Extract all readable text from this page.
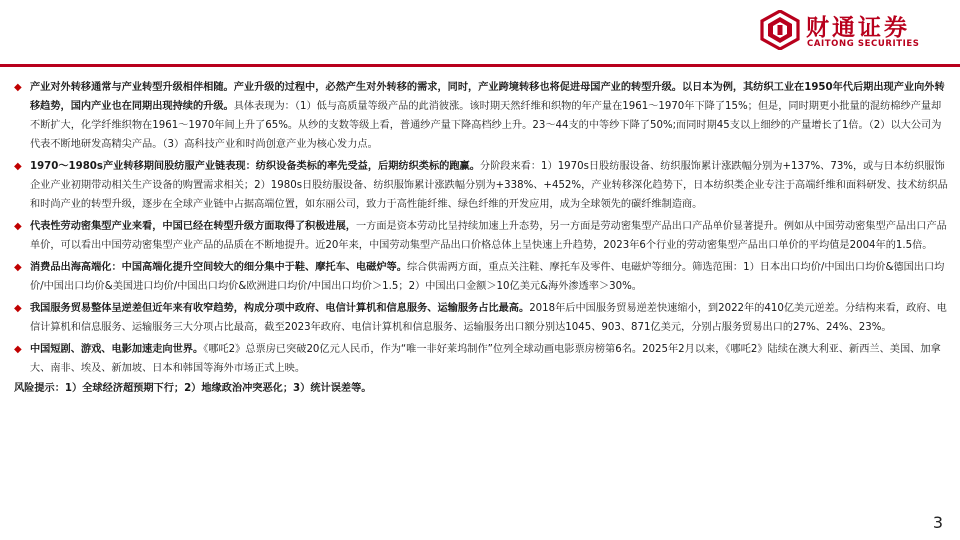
财通证券
CAITONG SECURITIES
◆ 产业对外转移通常与产业转型升级相伴相随。产业升级的过程中，必然产生对外转移的需求，同时，产业跨境转移也将促进母国产业的转型升级。以日本为例，其纺织工业在1950年代后期出现产业向外转移趋势，国内产业也在同期出现持续的升级。具体表现为：（1）低与高质量等级产品的此消彼涨。该时期天然纤维和织物的年产量在1961～1970年下降了15%；但是，同时期更小批量的混纺棉纱产量却不断扩大，化学纤维织物在1961～1970年间上升了65%。从纱的支数等级上看，普通纱产量下降高档纱上升。23～44支的中等纱下降了50%;而同时期45支以上细纱的产量增长了1倍。（2）以大公司为代表不断地研发高精尖产品。（3）高科技产业和时尚创意产业为核心发力点。
◆ 1970～1980s产业转移期间股纺服产业链表现：纺织设备类标的率先受益，后期纺织类标的跑赢。分阶段来看：1）1970s日股纺服设备、纺织服饰累计涨跌幅分别为+137%、73%，或与日本纺织服饰企业产业初期带动相关生产设备的购置需求相关；2）1980s日股纺服设备、纺织服饰累计涨跌幅分别为+338%、+452%，产业转移深化趋势下，日本纺织类企业专注于高端纤维和面料研发、技术纺织品和时尚产业的转型升级，逐步在全球产业链中占据高端位置，如东丽公司，致力于高性能纤维、绿色纤维的开发应用，成为全球领先的碳纤维制造商。
◆ 代表性劳动密集型产业来看，中国已经在转型升级方面取得了积极进展，一方面是资本劳动比呈持续加速上升态势，另一方面是劳动密集型产品出口产品单价显著提升。例如从中国劳动密集型产品出口产品单价，可以看出中国劳动密集型产业产品的品质在不断地提升。近20年来，中国劳动集型产品出口价格总体上呈快速上升趋势，2023年6个行业的劳动密集型产品出口单价的平均值是2004年的1.5倍。
◆ 消费品出海高端化：中国高端化提升空间较大的细分集中于鞋、摩托车、电磁炉等。综合供需两方面，重点关注鞋、摩托车及零件、电磁炉等细分。筛选范围：1）日本出口均价/中国出口均价&德国出口均价/中国出口均价&美国进口均价/中国出口均价&欧洲进口均价/中国出口均价＞1.5；2）中国出口金额＞10亿美元&海外渗透率＞30%。
◆ 我国服务贸易整体呈逆差但近年来有收窄趋势，构成分项中政府、电信计算机和信息服务、运输服务占比最高。2018年后中国服务贸易逆差快速缩小，到2022年的410亿美元逆差。分结构来看，政府、电信计算机和信息服务、运输服务三大分项占比最高，截至2023年政府、电信计算机和信息服务、运输服务出口额分别达1045、903、871亿美元，分别占服务贸易出口的27%、24%、23%。
◆ 中国短剧、游戏、电影加速走向世界。《哪吒2》总票房已突破20亿元人民币，作为“唯一非好莱坞制作”位列全球动画电影票房榜第6名。2025年2月以来，《哪吒2》陆续在澳大利亚、新西兰、美国、加拿大、南非、埃及、新加坡、日本和韩国等海外市场正式上映。
风险提示：1）全球经济超预期下行；2）地缘政治冲突恶化；3）统计误差等。
3
